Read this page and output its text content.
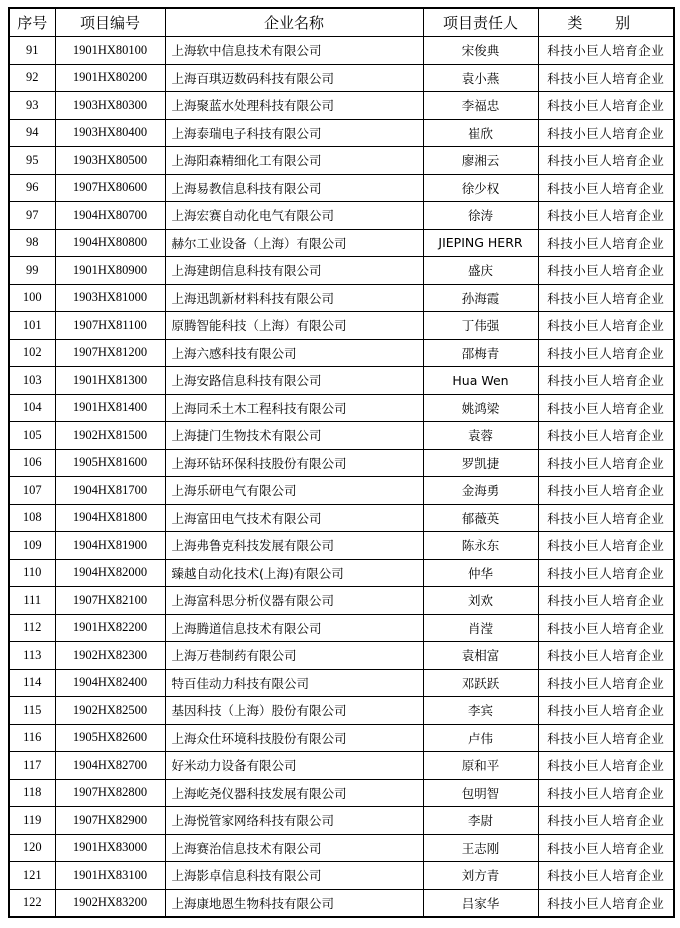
序号	项目编号	企业名称	项目责任人	类 别
91	1901HX80100	上海软中信息技术有限公司	宋俊典	科技小巨人培育企业
92	1901HX80200	上海百琪迈数码科技有限公司	袁小燕	科技小巨人培育企业
93	1903HX80300	上海聚蓝水处理科技有限公司	李福忠	科技小巨人培育企业
94	1903HX80400	上海泰瑞电子科技有限公司	崔欣	科技小巨人培育企业
95	1903HX80500	上海阳森精细化工有限公司	廖湘云	科技小巨人培育企业
96	1907HX80600	上海易教信息科技有限公司	徐少权	科技小巨人培育企业
97	1904HX80700	上海宏赛自动化电气有限公司	徐涛	科技小巨人培育企业
98	1904HX80800	赫尔工业设备（上海）有限公司	JIEPING HERR	科技小巨人培育企业
99	1901HX80900	上海建朗信息科技有限公司	盛庆	科技小巨人培育企业
100	1903HX81000	上海迅凯新材料科技有限公司	孙海霞	科技小巨人培育企业
101	1907HX81100	原腾智能科技（上海）有限公司	丁伟强	科技小巨人培育企业
102	1907HX81200	上海六感科技有限公司	邵梅青	科技小巨人培育企业
103	1901HX81300	上海安路信息科技有限公司	Hua Wen	科技小巨人培育企业
104	1901HX81400	上海同禾土木工程科技有限公司	姚鸿梁	科技小巨人培育企业
105	1902HX81500	上海捷门生物技术有限公司	袁蓉	科技小巨人培育企业
106	1905HX81600	上海环钻环保科技股份有限公司	罗凯捷	科技小巨人培育企业
107	1904HX81700	上海乐研电气有限公司	金海勇	科技小巨人培育企业
108	1904HX81800	上海富田电气技术有限公司	郁薇英	科技小巨人培育企业
109	1904HX81900	上海弗鲁克科技发展有限公司	陈永东	科技小巨人培育企业
110	1904HX82000	臻越自动化技术(上海)有限公司	仲华	科技小巨人培育企业
111	1907HX82100	上海富科思分析仪器有限公司	刘欢	科技小巨人培育企业
112	1901HX82200	上海腾道信息技术有限公司	肖滢	科技小巨人培育企业
113	1902HX82300	上海万巷制药有限公司	袁相富	科技小巨人培育企业
114	1904HX82400	特百佳动力科技有限公司	邓跃跃	科技小巨人培育企业
115	1902HX82500	基因科技（上海）股份有限公司	李宾	科技小巨人培育企业
116	1905HX82600	上海众仕环境科技股份有限公司	卢伟	科技小巨人培育企业
117	1904HX82700	好米动力设备有限公司	原和平	科技小巨人培育企业
118	1907HX82800	上海屹尧仪器科技发展有限公司	包明智	科技小巨人培育企业
119	1907HX82900	上海悦管家网络科技有限公司	李尉	科技小巨人培育企业
120	1901HX83000	上海赛治信息技术有限公司	王志刚	科技小巨人培育企业
121	1901HX83100	上海影卓信息科技有限公司	刘方青	科技小巨人培育企业
122	1902HX83200	上海康地恩生物科技有限公司	吕家华	科技小巨人培育企业
